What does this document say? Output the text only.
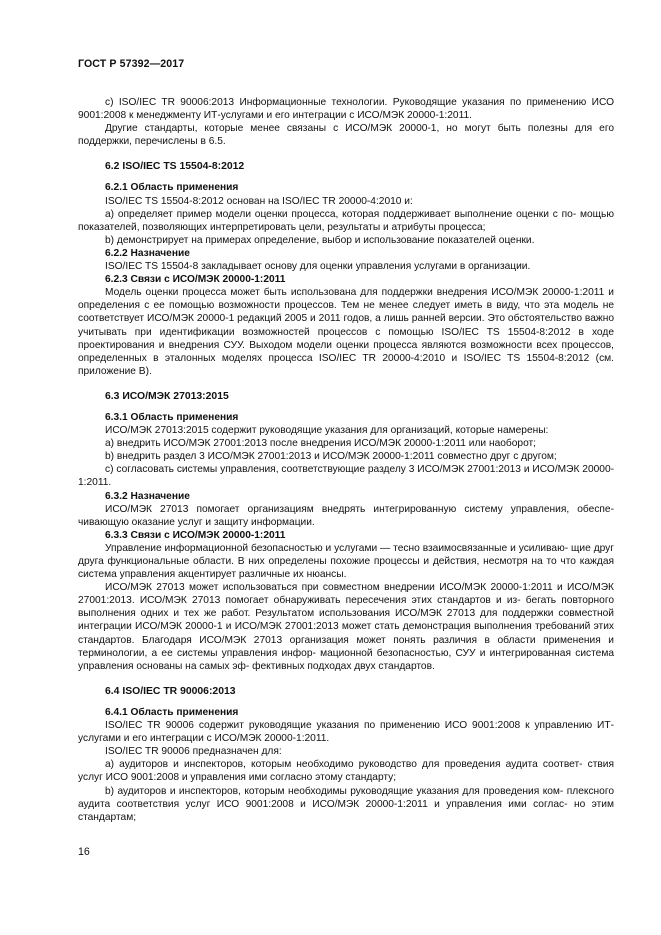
ГОСТ Р 57392—2017

c) ISO/IEC TR 90006:2013 Информационные технологии. Руководящие указания по применению ИСО 9001:2008 к менеджменту ИТ-услугами и его интеграции с ИСО/МЭК 20000-1:2011.

Другие стандарты, которые менее связаны с ИСО/МЭК 20000-1, но могут быть полезны для его поддержки, перечислены в 6.5.

6.2 ISO/IEC TS 15504-8:2012
6.2.1 Область применения

ISO/IEC TS 15504-8:2012 основан на ISO/IEC TR 20000-4:2010 и:

a) определяет пример модели оценки процесса, которая поддерживает выполнение оценки с по- мощью показателей, позволяющих интерпретировать цели, результаты и атрибуты процесса;

b) демонстрирует на примерах определение, выбор и использование показателей оценки.

6.2.2 Назначение

ISO/IEC TS 15504-8 закладывает основу для оценки управления услугами в организации.

6.2.3 Связи с ИСО/МЭК 20000-1:2011

Модель оценки процесса может быть использована для поддержки внедрения ИСО/МЭК 20000-1:2011 и определения с ее помощью возможности процессов. Тем не менее следует иметь в виду, что эта модель не соответствует ИСО/МЭК 20000-1 редакций 2005 и 2011 годов, а лишь ранней версии. Это обстоятельство важно учитывать при идентификации возможностей процессов с помощью ISO/IEC TS 15504-8:2012 в ходе проектирования и внедрения СУУ. Выходом модели оценки процесса являются возможности всех процессов, определенных в эталонных моделях процесса ISO/IEC TR 20000-4:2010 и ISO/IEC TS 15504-8:2012 (см. приложение B).

6.3 ИСО/МЭК 27013:2015
6.3.1 Область применения

ИСО/МЭК 27013:2015 содержит руководящие указания для организаций, которые намерены:

a) внедрить ИСО/МЭК 27001:2013 после внедрения ИСО/МЭК 20000-1:2011 или наоборот;

b) внедрить раздел 3 ИСО/МЭК 27001:2013 и ИСО/МЭК 20000-1:2011 совместно друг с другом;

c) согласовать системы управления, соответствующие разделу 3 ИСО/МЭК 27001:2013 и ИСО/МЭК 20000-1:2011.

6.3.2 Назначение

ИСО/МЭК 27013 помогает организациям внедрять интегрированную систему управления, обеспе- чивающую оказание услуг и защиту информации.

6.3.3 Связи с ИСО/МЭК 20000-1:2011

Управление информационной безопасностью и услугами — тесно взаимосвязанные и усиливаю- щие друг друга функциональные области. В них определены похожие процессы и действия, несмотря на то что каждая система управления акцентирует различные их нюансы.

ИСО/МЭК 27013 может использоваться при совместном внедрении ИСО/МЭК 20000-1:2011 и ИСО/МЭК 27001:2013. ИСО/МЭК 27013 помогает обнаруживать пересечения этих стандартов и из- бегать повторного выполнения одних и тех же работ. Результатом использования ИСО/МЭК 27013 для поддержки совместной интеграции ИСО/МЭК 20000-1 и ИСО/МЭК 27001:2013 может стать демонстрация выполнения требований этих стандартов. Благодаря ИСО/МЭК 27013 организация может понять различия в области применения и терминологии, а ее системы управления инфор- мационной безопасностью, СУУ и интегрированная система управления основаны на самых эф- фективных подходах двух стандартов.

6.4 ISO/IEC TR 90006:2013
6.4.1 Область применения

ISO/IEC TR 90006 содержит руководящие указания по применению ИСО 9001:2008 к управлению ИТ-услугами и его интеграции с ИСО/МЭК 20000-1:2011.

ISO/IEC TR 90006 предназначен для:

a) аудиторов и инспекторов, которым необходимо руководство для проведения аудита соответ- ствия услуг ИСО 9001:2008 и управления ими согласно этому стандарту;

b) аудиторов и инспекторов, которым необходимы руководящие указания для проведения ком- плексного аудита соответствия услуг ИСО 9001:2008 и ИСО/МЭК 20000-1:2011 и управления ими соглас- но этим стандартам;

16
